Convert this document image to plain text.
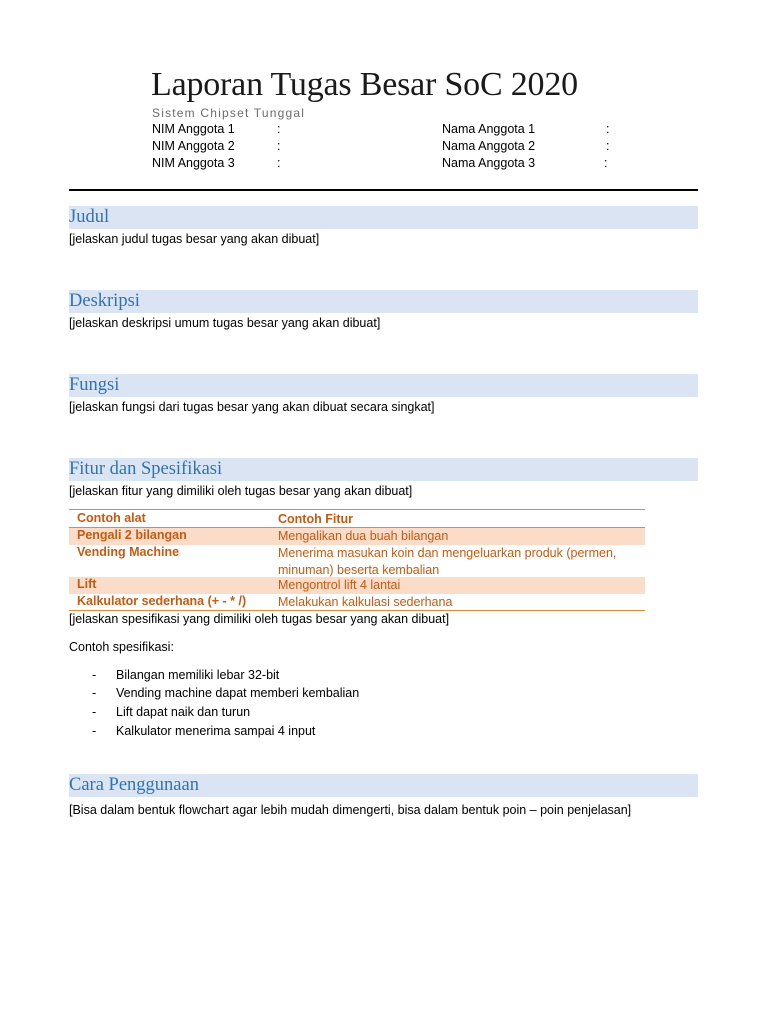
Laporan Tugas Besar SoC 2020
Sistem Chipset Tunggal
NIM Anggota 1	:	Nama Anggota 1	:
NIM Anggota 2	:	Nama Anggota 2	:
NIM Anggota 3	:	Nama Anggota 3	:
Judul
[jelaskan judul tugas besar yang akan dibuat]
Deskripsi
[jelaskan deskripsi umum tugas besar yang akan dibuat]
Fungsi
[jelaskan fungsi dari tugas besar yang akan dibuat secara singkat]
Fitur dan Spesifikasi
[jelaskan fitur yang dimiliki oleh tugas besar yang akan dibuat]
Contoh alat	Contoh Fitur
Pengali 2 bilangan	Mengalikan dua buah bilangan
Vending Machine	Menerima masukan koin dan mengeluarkan produk (permen, minuman) beserta kembalian
Lift	Mengontrol lift 4 lantai
Kalkulator sederhana (+ - * /)	Melakukan kalkulasi sederhana
[jelaskan spesifikasi yang dimiliki oleh tugas besar yang akan dibuat]
Contoh spesifikasi:
- Bilangan memiliki lebar 32-bit
- Vending machine dapat memberi kembalian
- Lift dapat naik dan turun
- Kalkulator menerima sampai 4 input
Cara Penggunaan
[Bisa dalam bentuk flowchart agar lebih mudah dimengerti, bisa dalam bentuk poin – poin penjelasan]
